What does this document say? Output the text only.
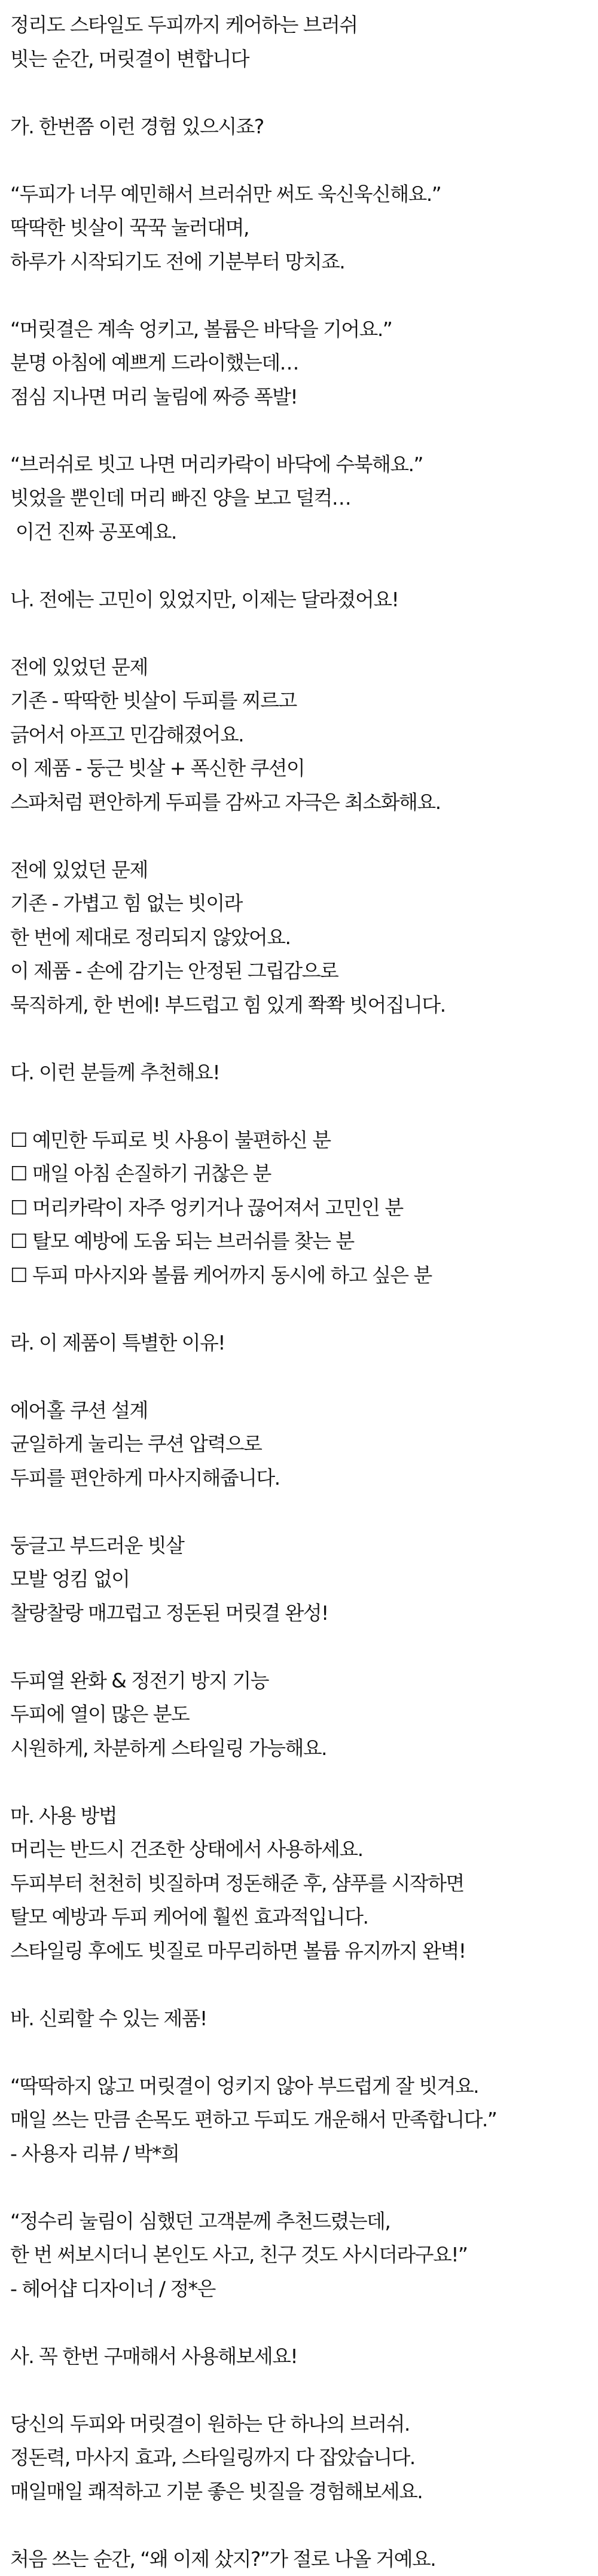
정리도 스타일도 두피까지 케어하는 브러쉬
빗는 순간, 머릿결이 변합니다
가. 한번쯤 이런 경험 있으시죠?
“두피가 너무 예민해서 브러쉬만 써도 욱신욱신해요.”
딱딱한 빗살이 꾹꾹 눌러대며,
하루가 시작되기도 전에 기분부터 망치죠.
“머릿결은 계속 엉키고, 볼륨은 바닥을 기어요.”
분명 아침에 예쁘게 드라이했는데…
점심 지나면 머리 눌림에 짜증 폭발!
“브러쉬로 빗고 나면 머리카락이 바닥에 수북해요.”
빗었을 뿐인데 머리 빠진 양을 보고 덜컥…
이건 진짜 공포예요.
나. 전에는 고민이 있었지만, 이제는 달라졌어요!
전에 있었던 문제
기존 - 딱딱한 빗살이 두피를 찌르고
긁어서 아프고 민감해졌어요.
이 제품 - 둥근 빗살 + 폭신한 쿠션이
스파처럼 편안하게 두피를 감싸고 자극은 최소화해요.
전에 있었던 문제
기존 - 가볍고 힘 없는 빗이라
한 번에 제대로 정리되지 않았어요.
이 제품 - 손에 감기는 안정된 그립감으로
묵직하게, 한 번에! 부드럽고 힘 있게 쫙쫙 빗어집니다.
다. 이런 분들께 추천해요!
☐ 예민한 두피로 빗 사용이 불편하신 분
☐ 매일 아침 손질하기 귀찮은 분
☐ 머리카락이 자주 엉키거나 끊어져서 고민인 분
☐ 탈모 예방에 도움 되는 브러쉬를 찾는 분
☐ 두피 마사지와 볼륨 케어까지 동시에 하고 싶은 분
라. 이 제품이 특별한 이유!
에어홀 쿠션 설계
균일하게 눌리는 쿠션 압력으로
두피를 편안하게 마사지해줍니다.
둥글고 부드러운 빗살
모발 엉킴 없이
찰랑찰랑 매끄럽고 정돈된 머릿결 완성!
두피열 완화 & 정전기 방지 기능
두피에 열이 많은 분도
시원하게, 차분하게 스타일링 가능해요.
마. 사용 방법
머리는 반드시 건조한 상태에서 사용하세요.
두피부터 천천히 빗질하며 정돈해준 후, 샴푸를 시작하면
탈모 예방과 두피 케어에 훨씬 효과적입니다.
스타일링 후에도 빗질로 마무리하면 볼륨 유지까지 완벽!
바. 신뢰할 수 있는 제품!
“딱딱하지 않고 머릿결이 엉키지 않아 부드럽게 잘 빗겨요.
매일 쓰는 만큼 손목도 편하고 두피도 개운해서 만족합니다.”
- 사용자 리뷰 / 박*희
“정수리 눌림이 심했던 고객분께 추천드렸는데,
한 번 써보시더니 본인도 사고, 친구 것도 사시더라구요!”
- 헤어샵 디자이너 / 정*은
사. 꼭 한번 구매해서 사용해보세요!
당신의 두피와 머릿결이 원하는 단 하나의 브러쉬.
정돈력, 마사지 효과, 스타일링까지 다 잡았습니다.
매일매일 쾌적하고 기분 좋은 빗질을 경험해보세요.
처음 쓰는 순간, “왜 이제 샀지?”가 절로 나올 거예요.
